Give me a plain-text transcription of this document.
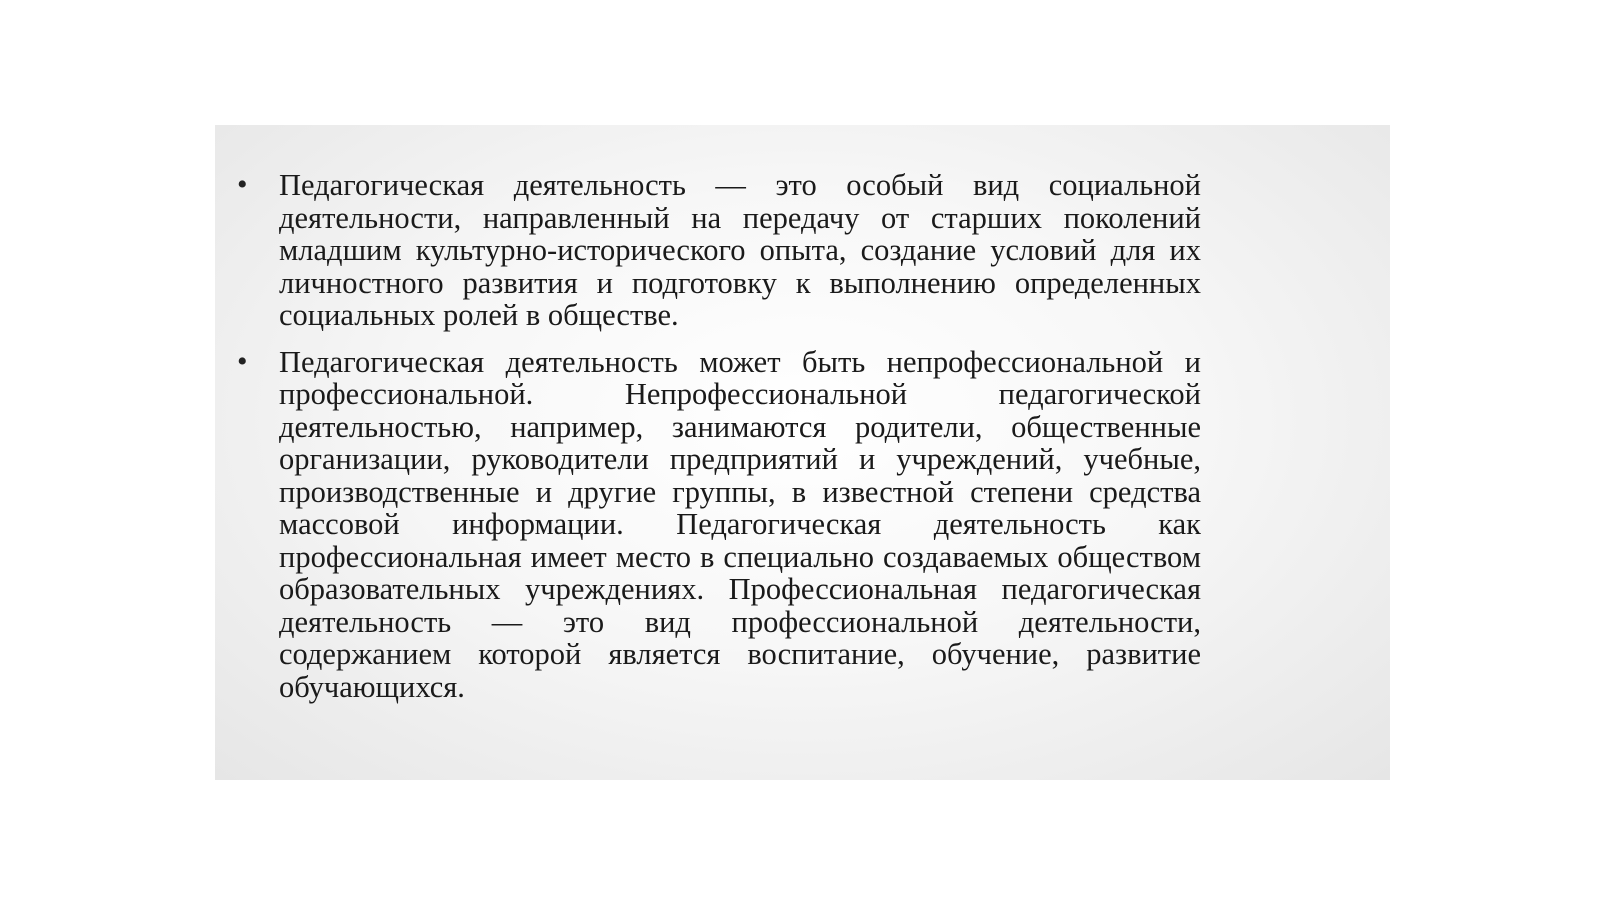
• Педагогическая деятельность — это особый вид социальной деятельности, направленный на передачу от старших поколений младшим культурно-исторического опыта, создание условий для их личностного развития и подготовку к выполнению определенных социальных ролей в обществе.
• Педагогическая деятельность может быть непрофессиональной и профессиональной. Непрофессиональной педагогической деятельностью, например, занимаются родители, общественные организации, руководители предприятий и учреждений, учебные, производственные и другие группы, в известной степени средства массовой информации. Педагогическая деятельность как профессиональная имеет место в специально создаваемых обществом образовательных учреждениях. Профессиональная педагогическая деятельность — это вид профессиональной деятельности, содержанием которой является воспитание, обучение, развитие обучающихся.
